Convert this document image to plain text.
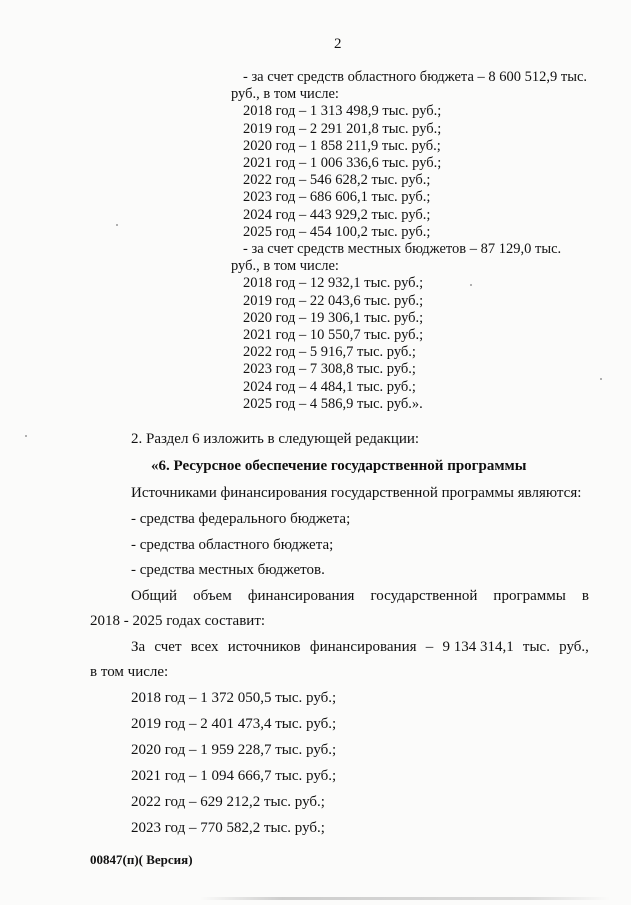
2
- за счет средств областного бюджета – 8 600 512,9 тыс.
руб., в том числе:
2018 год – 1 313 498,9 тыс. руб.;
2019 год – 2 291 201,8 тыс. руб.;
2020 год – 1 858 211,9 тыс. руб.;
2021 год – 1 006 336,6 тыс. руб.;
2022 год – 546 628,2 тыс. руб.;
2023 год – 686 606,1 тыс. руб.;
2024 год – 443 929,2 тыс. руб.;
2025 год – 454 100,2 тыс. руб.;
- за счет средств местных бюджетов – 87 129,0 тыс.
руб., в том числе:
2018 год – 12 932,1 тыс. руб.;
2019 год – 22 043,6 тыс. руб.;
2020 год – 19 306,1 тыс. руб.;
2021 год – 10 550,7 тыс. руб.;
2022 год – 5 916,7 тыс. руб.;
2023 год – 7 308,8 тыс. руб.;
2024 год – 4 484,1 тыс. руб.;
2025 год – 4 586,9 тыс. руб.».
2. Раздел 6 изложить в следующей редакции:
«6. Ресурсное обеспечение государственной программы
Источниками финансирования государственной программы являются:
- средства федерального бюджета;
- средства областного бюджета;
- средства местных бюджетов.
Общий объем финансирования государственной программы в
2018 - 2025 годах составит:
За счет всех источников финансирования – 9 134 314,1 тыс. руб.,
в том числе:
2018 год – 1 372 050,5 тыс. руб.;
2019 год – 2 401 473,4 тыс. руб.;
2020 год – 1 959 228,7 тыс. руб.;
2021 год – 1 094 666,7 тыс. руб.;
2022 год – 629 212,2 тыс. руб.;
2023 год – 770 582,2 тыс. руб.;
00847(п)( Версия)
